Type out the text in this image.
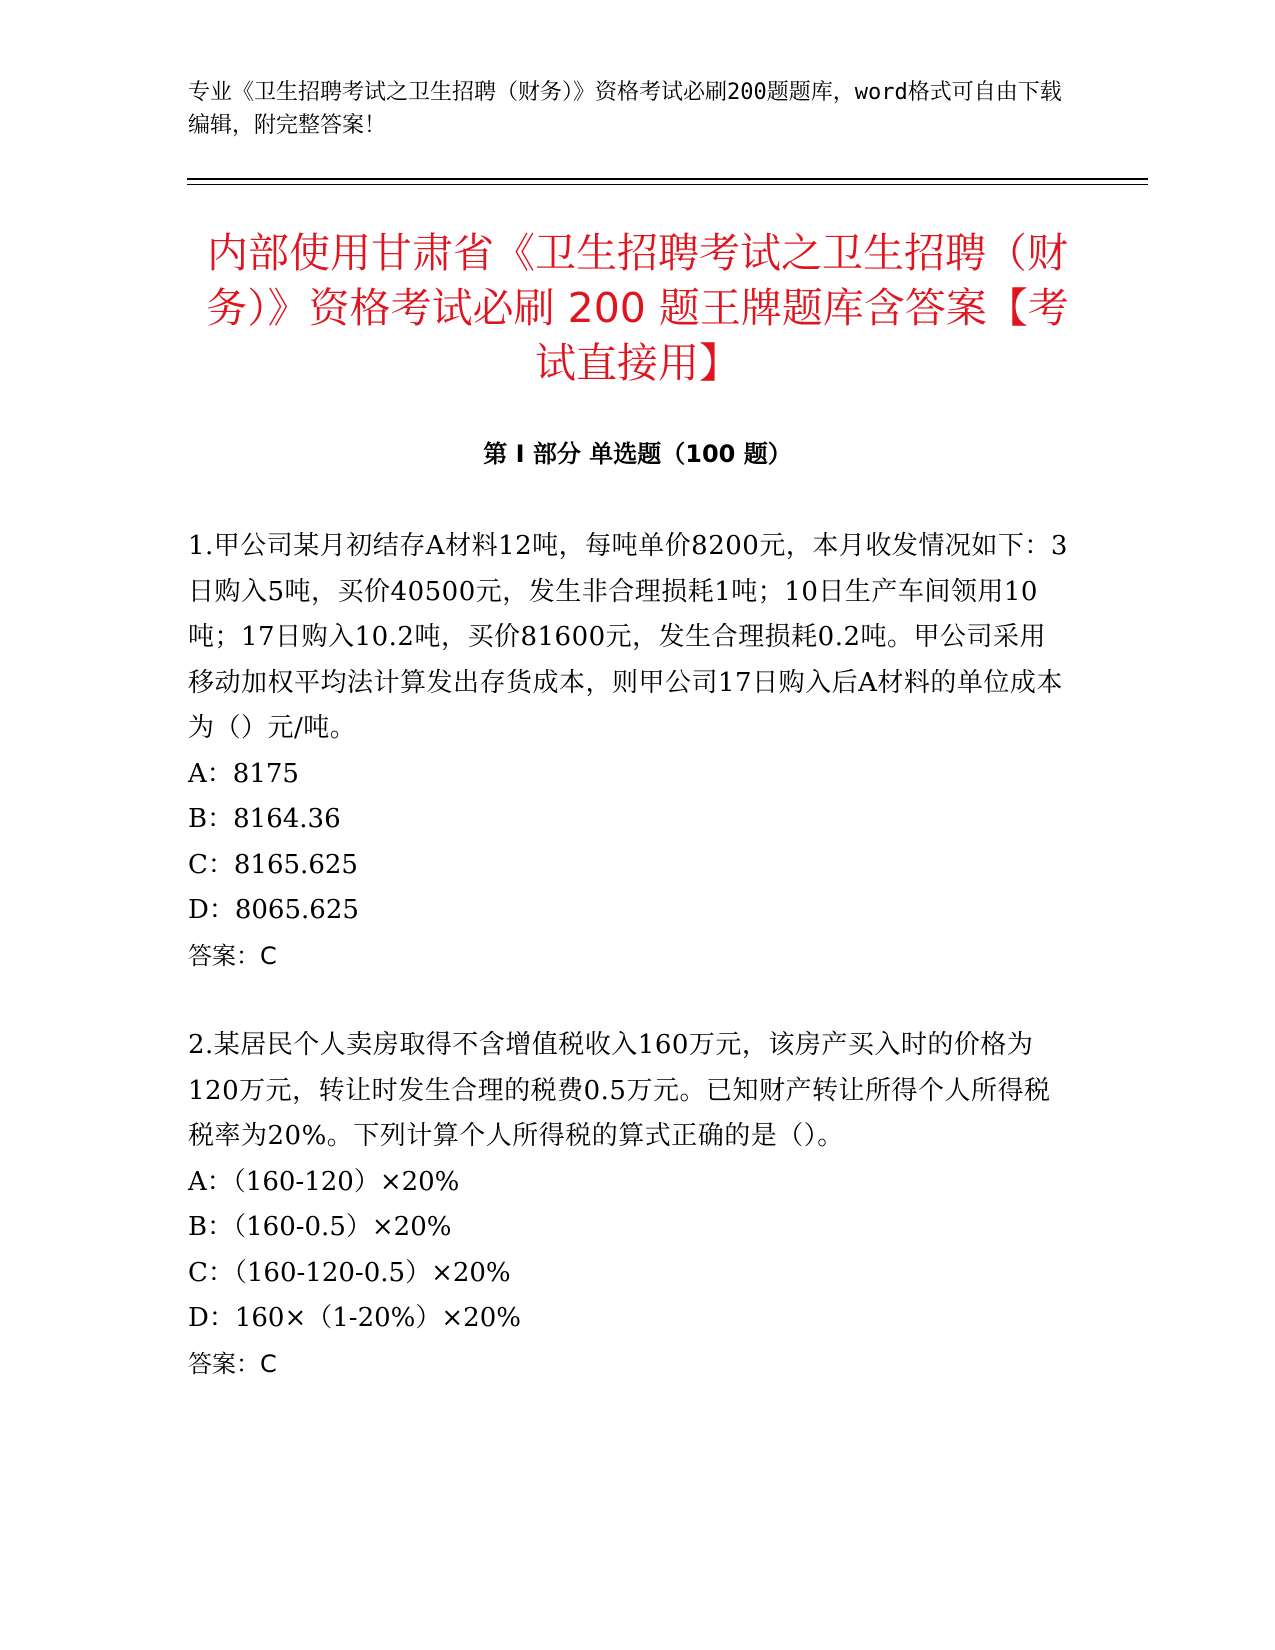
专业《卫生招聘考试之卫生招聘（财务）》资格考试必刷200题题库，word格式可自由下载编辑，附完整答案！
内部使用甘肃省《卫生招聘考试之卫生招聘（财务）》资格考试必刷 200 题王牌题库含答案【考试直接用】
第 I 部分 单选题（100 题）

1.甲公司某月初结存A材料12吨，每吨单价8200元，本月收发情况如下：3日购入5吨，买价40500元，发生非合理损耗1吨；10日生产车间领用10吨；17日购入10.2吨，买价81600元，发生合理损耗0.2吨。甲公司采用移动加权平均法计算发出存货成本，则甲公司17日购入后A材料的单位成本为（）元/吨。

A：8175

B：8164.36

C：8165.625

D：8065.625

答案：C

2.某居民个人卖房取得不含增值税收入160万元，该房产买入时的价格为120万元，转让时发生合理的税费0.5万元。已知财产转让所得个人所得税税率为20%。下列计算个人所得税的算式正确的是（）。

A：（160-120）×20%

B：（160-0.5）×20%

C：（160-120-0.5）×20%

D：160×（1-20%）×20%

答案：C
